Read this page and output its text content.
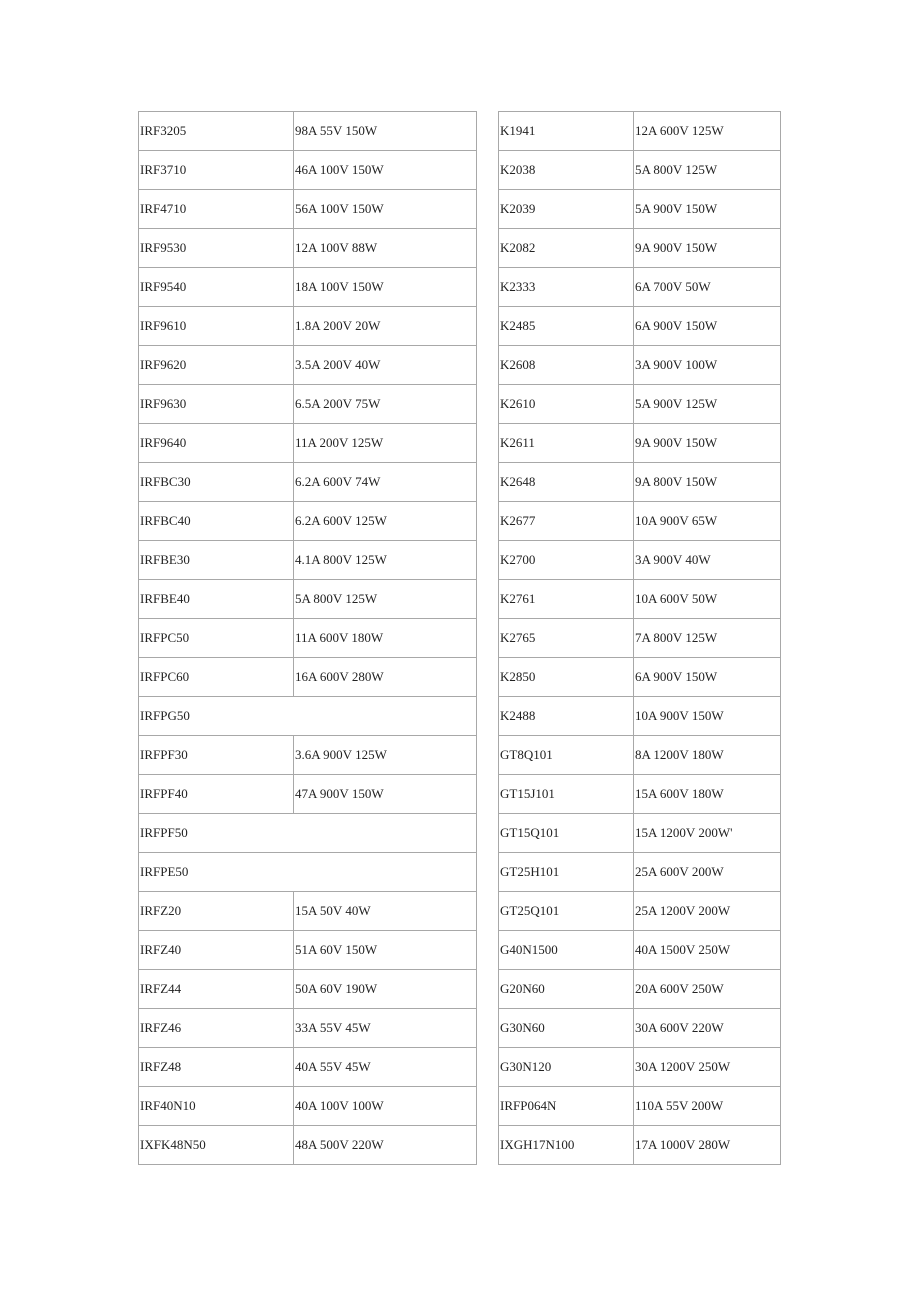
IRF3205	98A 55V 150W
IRF3710	46A 100V 150W
IRF4710	56A 100V 150W
IRF9530	12A 100V 88W
IRF9540	18A 100V 150W
IRF9610	1.8A 200V 20W
IRF9620	3.5A 200V 40W
IRF9630	6.5A 200V 75W
IRF9640	11A 200V 125W
IRFBC30	6.2A 600V 74W
IRFBC40	6.2A 600V 125W
IRFBE30	4.1A 800V 125W
IRFBE40	5A 800V 125W
IRFPC50	11A 600V 180W
IRFPC60	16A 600V 280W
IRFPG50	
IRFPF30	3.6A 900V 125W
IRFPF40	47A 900V 150W
IRFPF50	
IRFPE50	
IRFZ20	15A 50V 40W
IRFZ40	51A 60V 150W
IRFZ44	50A 60V 190W
IRFZ46	33A 55V 45W
IRFZ48	40A 55V 45W
IRF40N10	40A 100V 100W
IXFK48N50	48A 500V 220W
K1941	12A 600V 125W
K2038	5A 800V 125W
K2039	5A 900V 150W
K2082	9A 900V 150W
K2333	6A 700V 50W
K2485	6A 900V 150W
K2608	3A 900V 100W
K2610	5A 900V 125W
K2611	9A 900V 150W
K2648	9A 800V 150W
K2677	10A 900V 65W
K2700	3A 900V 40W
K2761	10A 600V 50W
K2765	7A 800V 125W
K2850	6A 900V 150W
K2488	10A 900V 150W
GT8Q101	8A 1200V 180W
GT15J101	15A 600V 180W
GT15Q101	15A 1200V 200W'
GT25H101	25A 600V 200W
GT25Q101	25A 1200V 200W
G40N1500	40A 1500V 250W
G20N60	20A 600V 250W
G30N60	30A 600V 220W
G30N120	30A 1200V 250W
IRFP064N	110A 55V 200W
IXGH17N100	17A 1000V 280W
